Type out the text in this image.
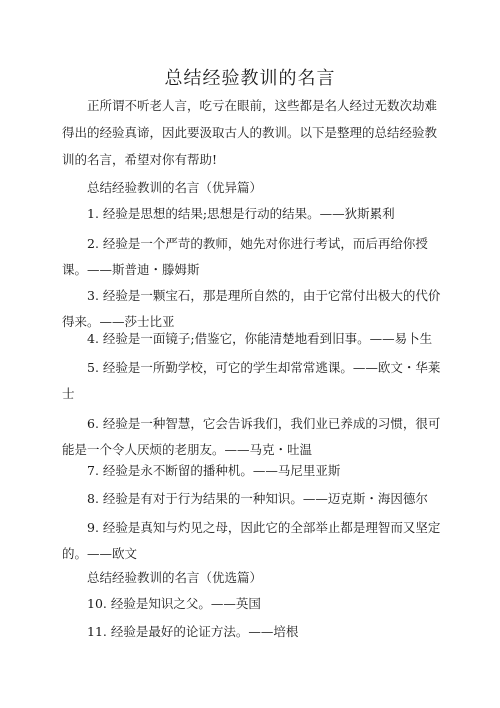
总结经验教训的名言

正所谓不听老人言，吃亏在眼前，这些都是名人经过无数次劫难得出的经验真谛，因此要汲取古人的教训。以下是整理的总结经验教训的名言，希望对你有帮助!

总结经验教训的名言（优异篇）

1. 经验是思想的结果;思想是行动的结果。——狄斯累利

2. 经验是一个严苛的教师，她先对你进行考试，而后再给你授课。——斯普迪・滕姆斯

3. 经验是一颗宝石，那是理所自然的，由于它常付出极大的代价得来。——莎士比亚

4. 经验是一面镜子;借鉴它，你能清楚地看到旧事。——易卜生

5. 经验是一所勤学校，可它的学生却常常逃课。——欧文・华莱士

6. 经验是一种智慧，它会告诉我们，我们业已养成的习惯，很可能是一个令人厌烦的老朋友。——马克・吐温

7. 经验是永不断留的播种机。——马尼里亚斯

8. 经验是有对于行为结果的一种知识。——迈克斯・海因德尔

9. 经验是真知与灼见之母，因此它的全部举止都是理智而又坚定的。——欧文

总结经验教训的名言（优选篇）

10. 经验是知识之父。——英国

11. 经验是最好的论证方法。——培根
